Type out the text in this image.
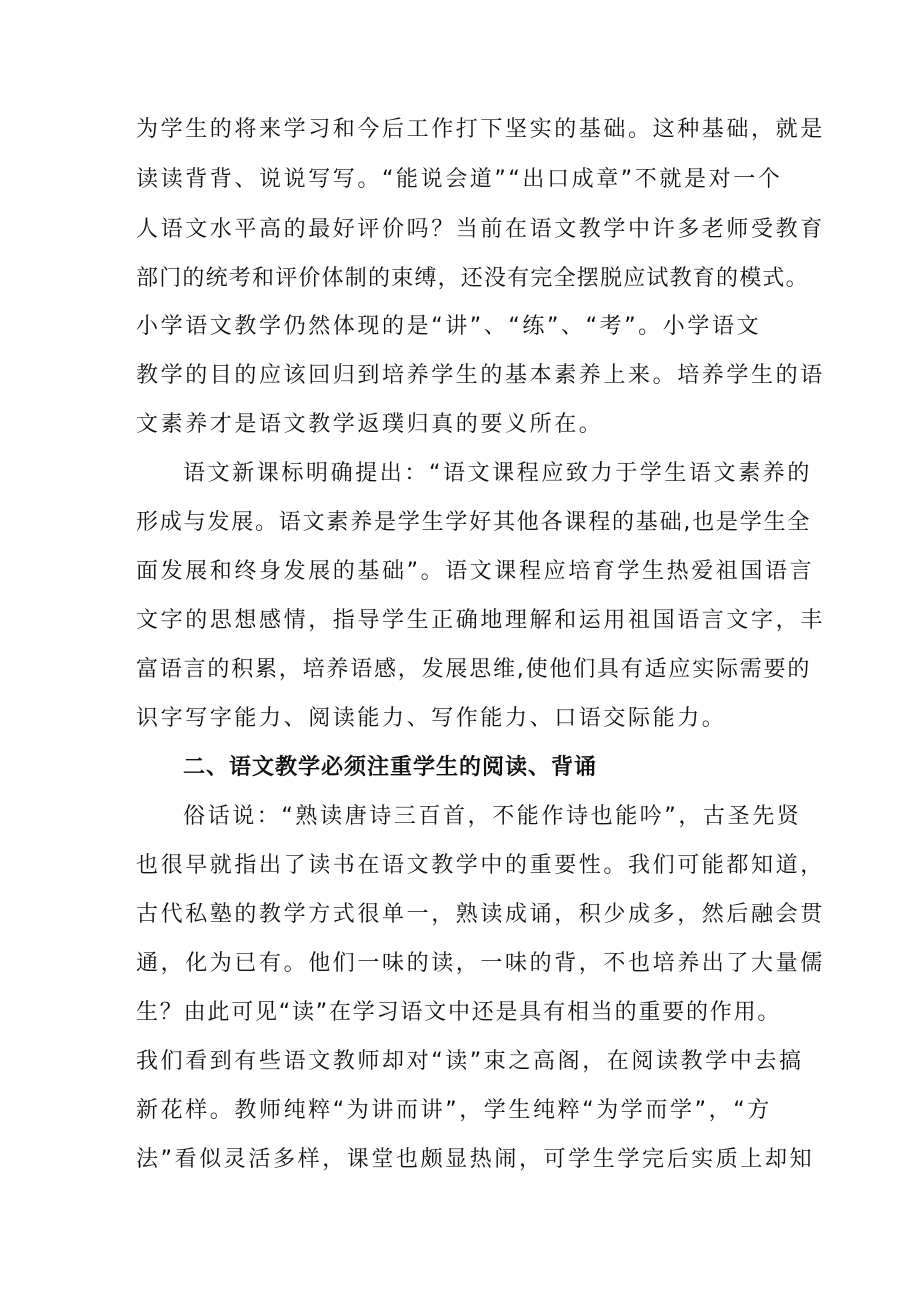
为学生的将来学习和今后工作打下坚实的基础。这种基础，就是
读读背背、说说写写。“能说会道”“出口成章”不就是对一个
人语文水平高的最好评价吗？当前在语文教学中许多老师受教育
部门的统考和评价体制的束缚，还没有完全摆脱应试教育的模式。
小学语文教学仍然体现的是“讲”、“练”、“考”。小学语文
教学的目的应该回归到培养学生的基本素养上来。培养学生的语
文素养才是语文教学返璞归真的要义所在。
语文新课标明确提出：“语文课程应致力于学生语文素养的
形成与发展。语文素养是学生学好其他各课程的基础,也是学生全
面发展和终身发展的基础”。语文课程应培育学生热爱祖国语言
文字的思想感情，指导学生正确地理解和运用祖国语言文字，丰
富语言的积累，培养语感，发展思维,使他们具有适应实际需要的
识字写字能力、阅读能力、写作能力、口语交际能力。
二、语文教学必须注重学生的阅读、背诵
俗话说：“熟读唐诗三百首，不能作诗也能吟”，古圣先贤
也很早就指出了读书在语文教学中的重要性。我们可能都知道，
古代私塾的教学方式很单一，熟读成诵，积少成多，然后融会贯
通，化为已有。他们一味的读，一味的背，不也培养出了大量儒
生？由此可见“读”在学习语文中还是具有相当的重要的作用。
我们看到有些语文教师却对“读”束之高阁，在阅读教学中去搞
新花样。教师纯粹“为讲而讲”，学生纯粹“为学而学”，“方
法”看似灵活多样，课堂也颇显热闹，可学生学完后实质上却知
